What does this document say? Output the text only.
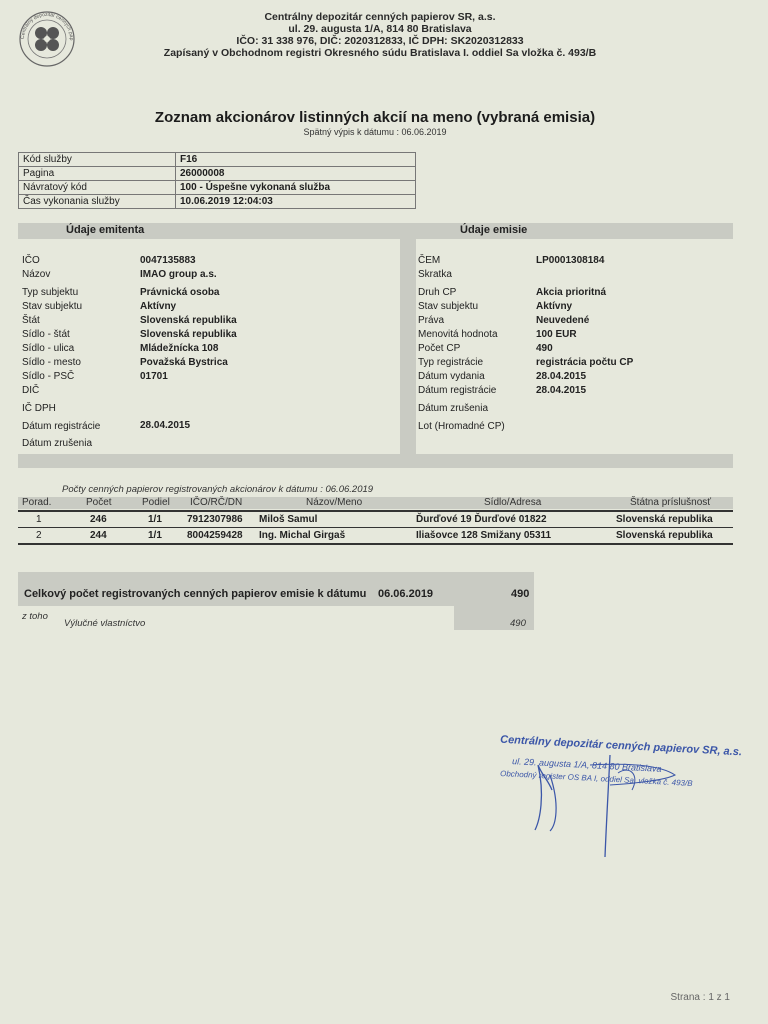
Centrálny depozitár cenných pap
Centrálny depozitár cenných papierov SR, a.s.
ul. 29. augusta 1/A, 814 80 Bratislava
IČO: 31 338 976, DIČ: 2020312833, IČ DPH: SK2020312833
Zapísaný v Obchodnom registri Okresného súdu Bratislava I. oddiel Sa vložka č. 493/B
Zoznam akcionárov listinných akcií na meno (vybraná emisia)
Spätný výpis k dátumu : 06.06.2019
Kód služby	F16
Pagina	26000008
Návratový kód	100 - Úspešne vykonaná služba
Čas vykonania služby	10.06.2019 12:04:03
Údaje emitenta	Údaje emisie
IČO	0047135883
Názov	IMAO group a.s.
Typ subjektu	Právnická osoba
Stav subjektu	Aktívny
Štát	Slovenská republika
Sídlo - štát	Slovenská republika
Sídlo - ulica	Mládežnícka 108
Sídlo - mesto	Považská Bystrica
Sídlo - PSČ	01701
DIČ
IČ DPH
Dátum registrácie	28.04.2015
Dátum zrušenia
ČEM	LP0001308184
Skratka
Druh CP	Akcia prioritná
Stav subjektu	Aktívny
Práva	Neuvedené
Menovitá hodnota	100 EUR
Počet CP	490
Typ registrácie	registrácia počtu CP
Dátum vydania	28.04.2015
Dátum registrácie	28.04.2015
Dátum zrušenia
Lot (Hromadné CP)
Počty cenných papierov registrovaných akcionárov k dátumu : 06.06.2019
Porad.	Počet	Podiel IČO/RČ/DN	Názov/Meno	Sídlo/Adresa	Štátna príslušnosť
1	246	1/1	7912307986 Miloš Samul	Ďurďové 19 Ďurďové 01822	Slovenská republika
2	244	1/1	8004259428 Ing. Michal Girgaš	Iliašovce 128 Smižany 05311	Slovenská republika
Celkový počet registrovaných cenných papierov emisie k dátumu 06.06.2019	490
z toho
Výlučné vlastníctvo	490
Centrálny depozitár cenných papierov SR, a.s.
ul. 29. augusta 1/A, 814 80 Bratislava
Obchodný register OS BA I, oddiel Sa, vložka č. 493/B
Strana : 1 z 1
